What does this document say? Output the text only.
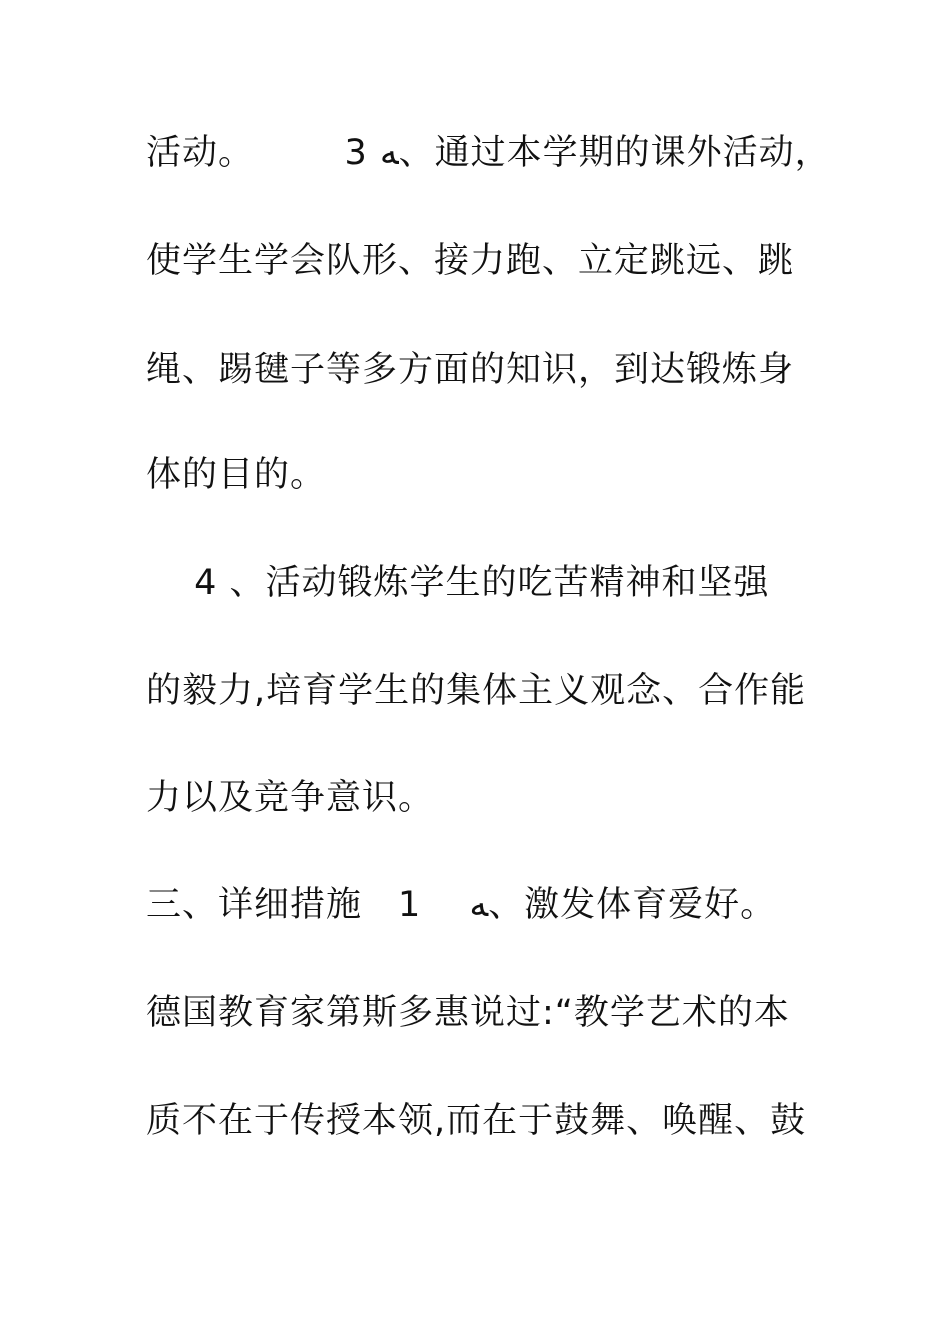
活动。　　　3 ﻪ、通过本学期的课外活动，
使学生学会队形、接力跑、立定跳远、跳
绳、踢毽子等多方面的知识，到达锻炼身
体的目的。
　 4 、活动锻炼学生的吃苦精神和坚强
的毅力,培育学生的集体主义观念、合作能
力以及竞争意识。
三、详细措施　1　 ﻪ、激发体育爱好。
德国教育家第斯多惠说过:“教学艺术的本
质不在于传授本领,而在于鼓舞、唤醒、鼓
